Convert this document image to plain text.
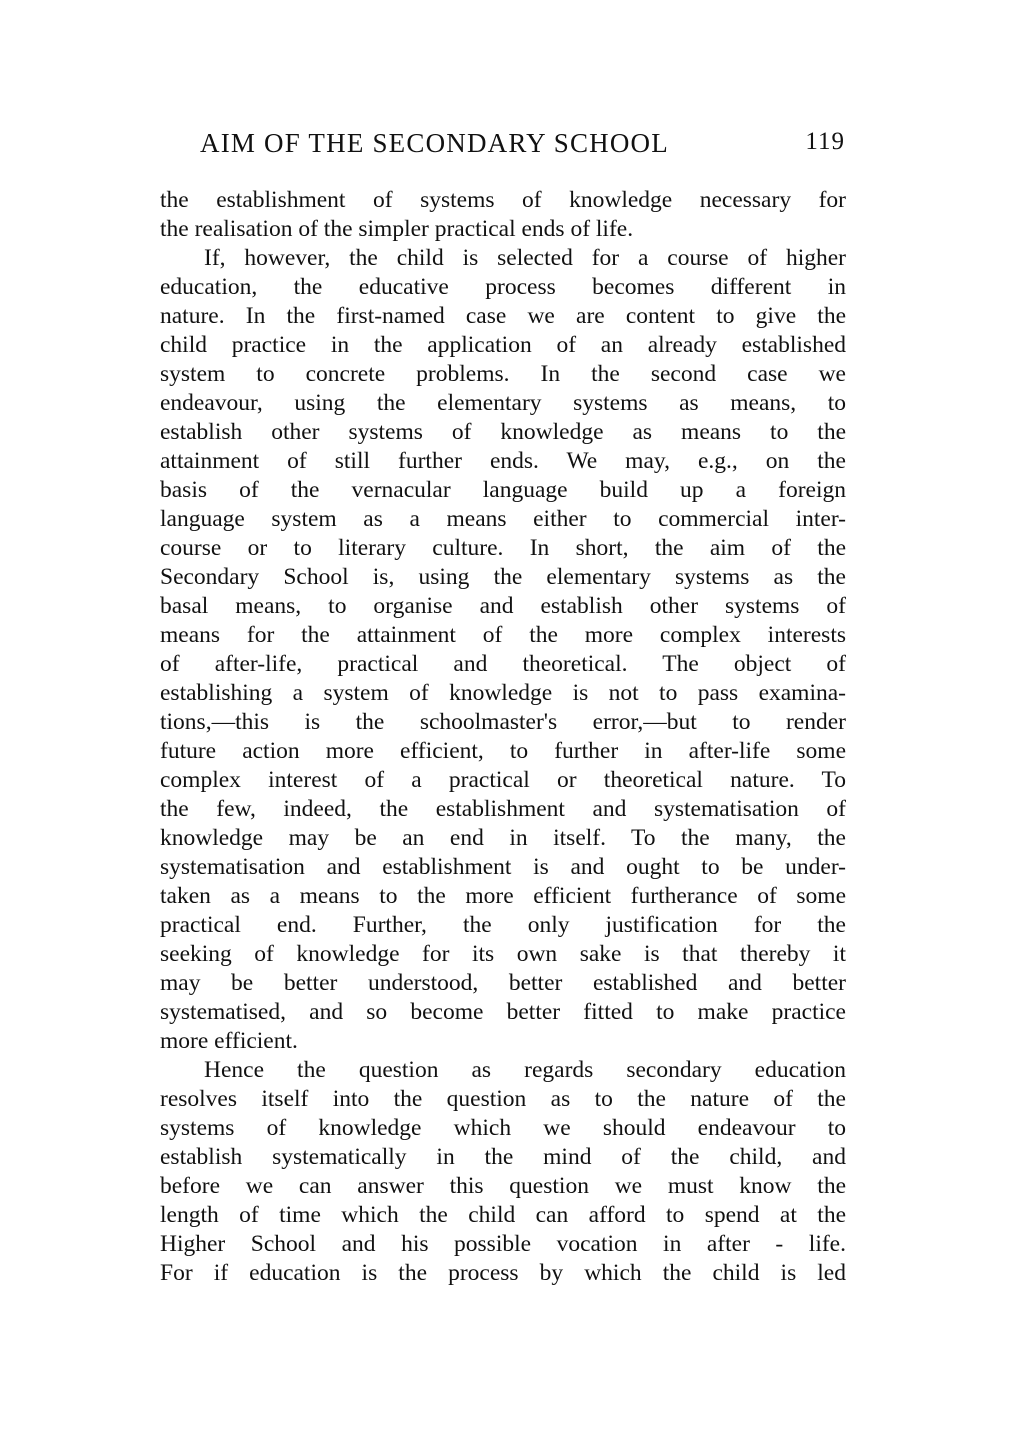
AIM OF THE SECONDARY SCHOOL	119
the establishment of systems of knowledge necessary for
the realisation of the simpler practical ends of life.
If, however, the child is selected for a course of higher
education, the educative process becomes different in
nature. In the first-named case we are content to give the
child practice in the application of an already established
system to concrete problems. In the second case we
endeavour, using the elementary systems as means, to
establish other systems of knowledge as means to the
attainment of still further ends. We may, e.g., on the
basis of the vernacular language build up a foreign
language system as a means either to commercial inter-
course or to literary culture. In short, the aim of the
Secondary School is, using the elementary systems as the
basal means, to organise and establish other systems of
means for the attainment of the more complex interests
of after-life, practical and theoretical. The object of
establishing a system of knowledge is not to pass examina-
tions,—this is the schoolmaster's error,—but to render
future action more efficient, to further in after-life some
complex interest of a practical or theoretical nature. To
the few, indeed, the establishment and systematisation of
knowledge may be an end in itself. To the many, the
systematisation and establishment is and ought to be under-
taken as a means to the more efficient furtherance of some
practical end. Further, the only justification for the
seeking of knowledge for its own sake is that thereby it
may be better understood, better established and better
systematised, and so become better fitted to make practice
more efficient.
Hence the question as regards secondary education
resolves itself into the question as to the nature of the
systems of knowledge which we should endeavour to
establish systematically in the mind of the child, and
before we can answer this question we must know the
length of time which the child can afford to spend at the
Higher School and his possible vocation in after - life.
For if education is the process by which the child is led
